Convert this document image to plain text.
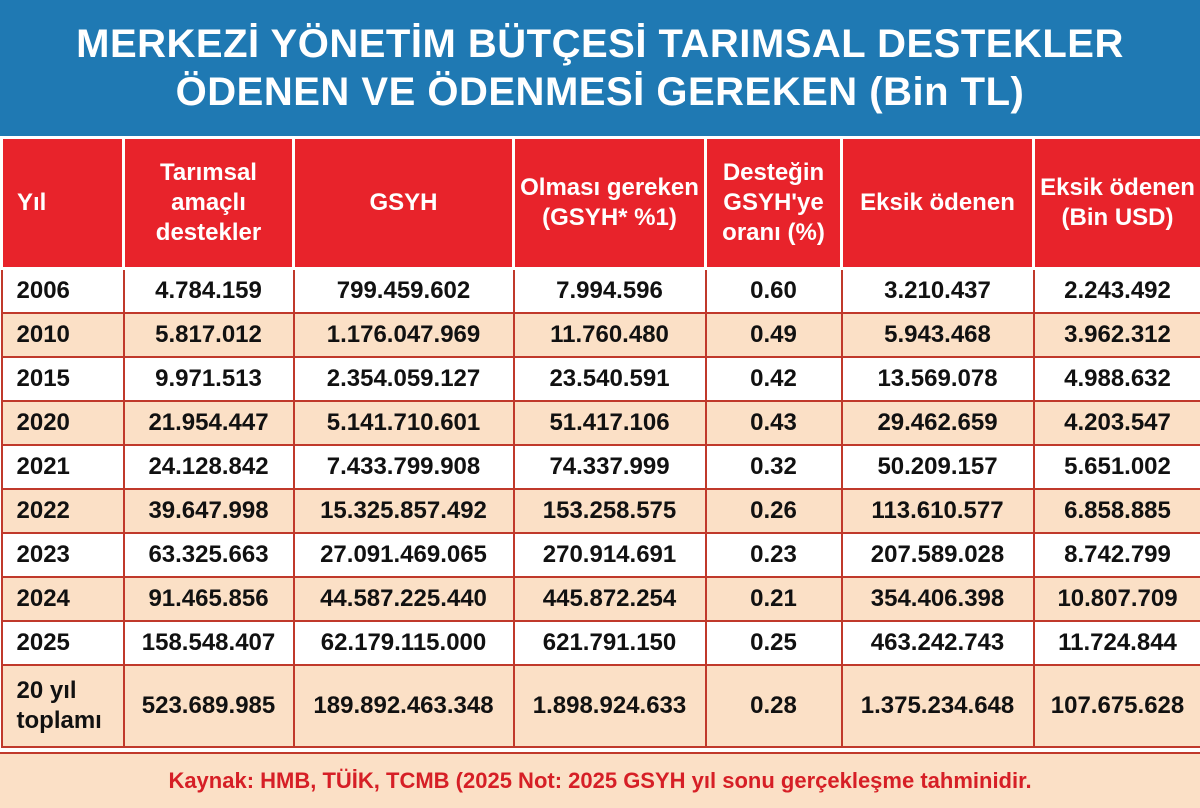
MERKEZİ YÖNETİM BÜTÇESİ TARIMSAL DESTEKLER
ÖDENEN VE ÖDENMESİ GEREKEN (Bin TL)
Yıl	Tarımsal amaçlı destekler	GSYH	Olması gereken (GSYH* %1)	Desteğin GSYH'ye oranı (%)	Eksik ödenen	Eksik ödenen (Bin USD)
2006	4.784.159	799.459.602	7.994.596	0.60	3.210.437	2.243.492
2010	5.817.012	1.176.047.969	11.760.480	0.49	5.943.468	3.962.312
2015	9.971.513	2.354.059.127	23.540.591	0.42	13.569.078	4.988.632
2020	21.954.447	5.141.710.601	51.417.106	0.43	29.462.659	4.203.547
2021	24.128.842	7.433.799.908	74.337.999	0.32	50.209.157	5.651.002
2022	39.647.998	15.325.857.492	153.258.575	0.26	113.610.577	6.858.885
2023	63.325.663	27.091.469.065	270.914.691	0.23	207.589.028	8.742.799
2024	91.465.856	44.587.225.440	445.872.254	0.21	354.406.398	10.807.709
2025	158.548.407	62.179.115.000	621.791.150	0.25	463.242.743	11.724.844
20 yıl
toplamı	523.689.985	189.892.463.348	1.898.924.633	0.28	1.375.234.648	107.675.628
Kaynak: HMB, TÜİK, TCMB (2025 Not: 2025 GSYH yıl sonu gerçekleşme tahminidir.
